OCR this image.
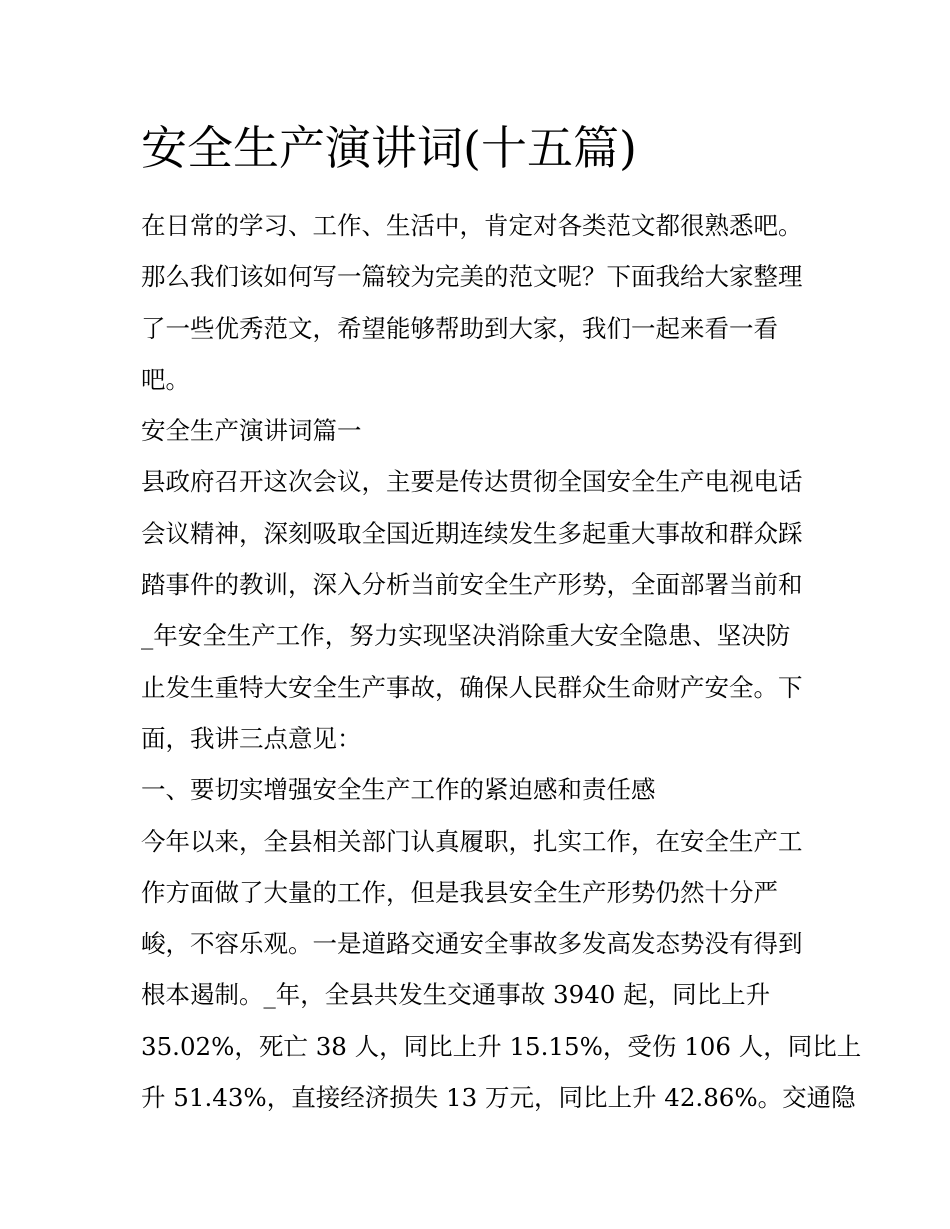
安全生产演讲词(十五篇)
在日常的学习、工作、生活中，肯定对各类范文都很熟悉吧。
那么我们该如何写一篇较为完美的范文呢？下面我给大家整理
了一些优秀范文，希望能够帮助到大家，我们一起来看一看
吧。
安全生产演讲词篇一
县政府召开这次会议，主要是传达贯彻全国安全生产电视电话
会议精神，深刻吸取全国近期连续发生多起重大事故和群众踩
踏事件的教训，深入分析当前安全生产形势，全面部署当前和
_年安全生产工作，努力实现坚决消除重大安全隐患、坚决防
止发生重特大安全生产事故，确保人民群众生命财产安全。下
面，我讲三点意见：
一、要切实增强安全生产工作的紧迫感和责任感
今年以来，全县相关部门认真履职，扎实工作，在安全生产工
作方面做了大量的工作，但是我县安全生产形势仍然十分严
峻，不容乐观。一是道路交通安全事故多发高发态势没有得到
根本遏制。_年，全县共发生交通事故 3940 起，同比上升
35.02%，死亡 38 人，同比上升 15.15%，受伤 106 人，同比上
升 51.43%，直接经济损失 13 万元，同比上升 42.86%。交通隐
